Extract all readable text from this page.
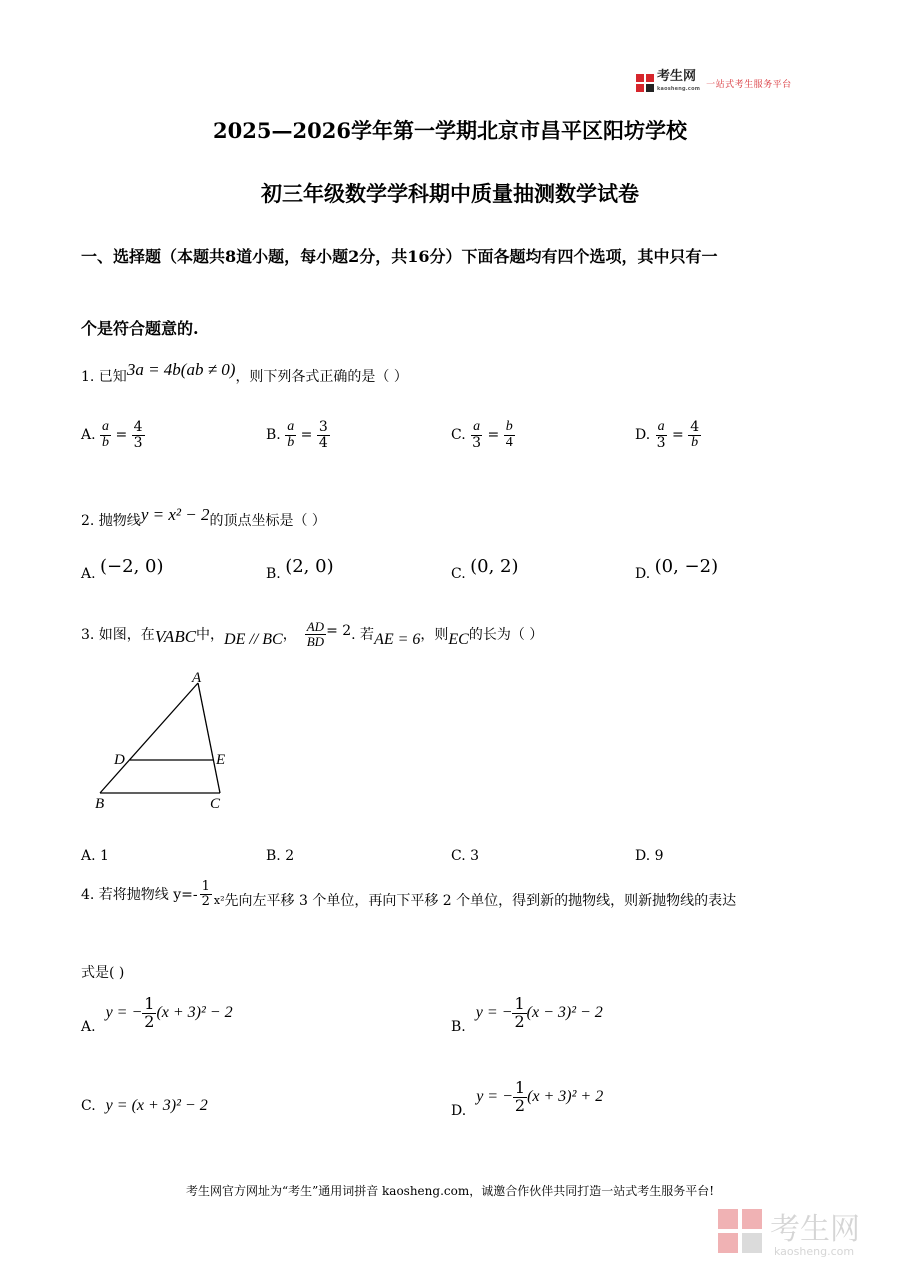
考生网
kaosheng.com 一站式考生服务平台
2025—2026学年第一学期北京市昌平区阳坊学校
初三年级数学学科期中质量抽测数学试卷
一、选择题（本题共8道小题，每小题2分，共16分）下面各题均有四个选项，其中只有一
个是符合题意的.
1. 已知3a = 4b(ab ≠ 0)，则下列各式正确的是（ ）
A. $\frac{a}{b} = \frac{4}{3}$	B. $\frac{a}{b} = \frac{3}{4}$	C. $\frac{a}{3} = \frac{b}{4}$	D. $\frac{a}{3} = \frac{4}{b}$
2. 抛物线y = x² − 2的顶点坐标是（ ）
A. (−2, 0)	B. (2, 0)	C. (0, 2)	D. (0, −2)
3. 如图，在 VABC 中， DE // BC ， $\frac{AD}{BD} = 2$ . 若 AE = 6 ，则 EC 的长为（ ）
A
D	E
B	C
A. 1	B. 2	C. 3	D. 9
4. 若将抛物线 $y=- \frac{1}{2} x^2$ 先向左平移 3 个单位，再向下平移 2 个单位，得到新的抛物线，则新抛物线的表达
式是( )
A.
y = − $\frac{1}{2} (x + 3)^2 - 2$
B.
y = − $\frac{1}{2} (x - 3)^2 - 2$
C. y = (x + 3)² − 2	D.
y = − $\frac{1}{2} (x + 3)^2 + 2$
考生网官方网址为“考生”通用词拼音 kaosheng.com，诚邀合作伙伴共同打造一站式考生服务平台!
考生网
kaosheng.com
